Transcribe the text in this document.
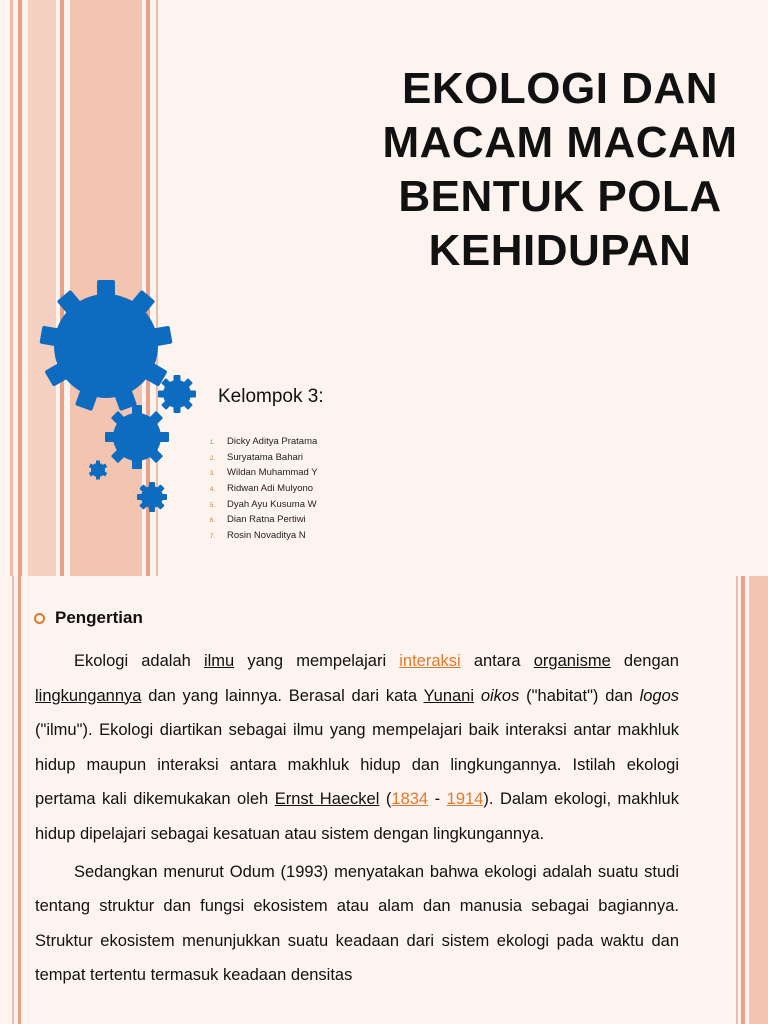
EKOLOGI DAN
MACAM MACAM
BENTUK POLA
KEHIDUPAN
Kelompok 3:
1. Dicky Aditya Pratama
2. Suryatama Bahari
3. Wildan Muhammad Y
4. Ridwan Adi Mulyono
5. Dyah Ayu Kusuma W
6. Dian Ratna Pertiwi
7. Rosin Novaditya N
Pengertian

Ekologi adalah ilmu yang mempelajari interaksi antara organisme dengan lingkungannya dan yang lainnya. Berasal dari kata Yunani oikos ("habitat") dan logos ("ilmu"). Ekologi diartikan sebagai ilmu yang mempelajari baik interaksi antar makhluk hidup maupun interaksi antara makhluk hidup dan lingkungannya. Istilah ekologi pertama kali dikemukakan oleh Ernst Haeckel (1834 - 1914). Dalam ekologi, makhluk hidup dipelajari sebagai kesatuan atau sistem dengan lingkungannya.

Sedangkan menurut Odum (1993) menyatakan bahwa ekologi adalah suatu studi tentang struktur dan fungsi ekosistem atau alam dan manusia sebagai bagiannya. Struktur ekosistem menunjukkan suatu keadaan dari sistem ekologi pada waktu dan tempat tertentu termasuk keadaan densitas
